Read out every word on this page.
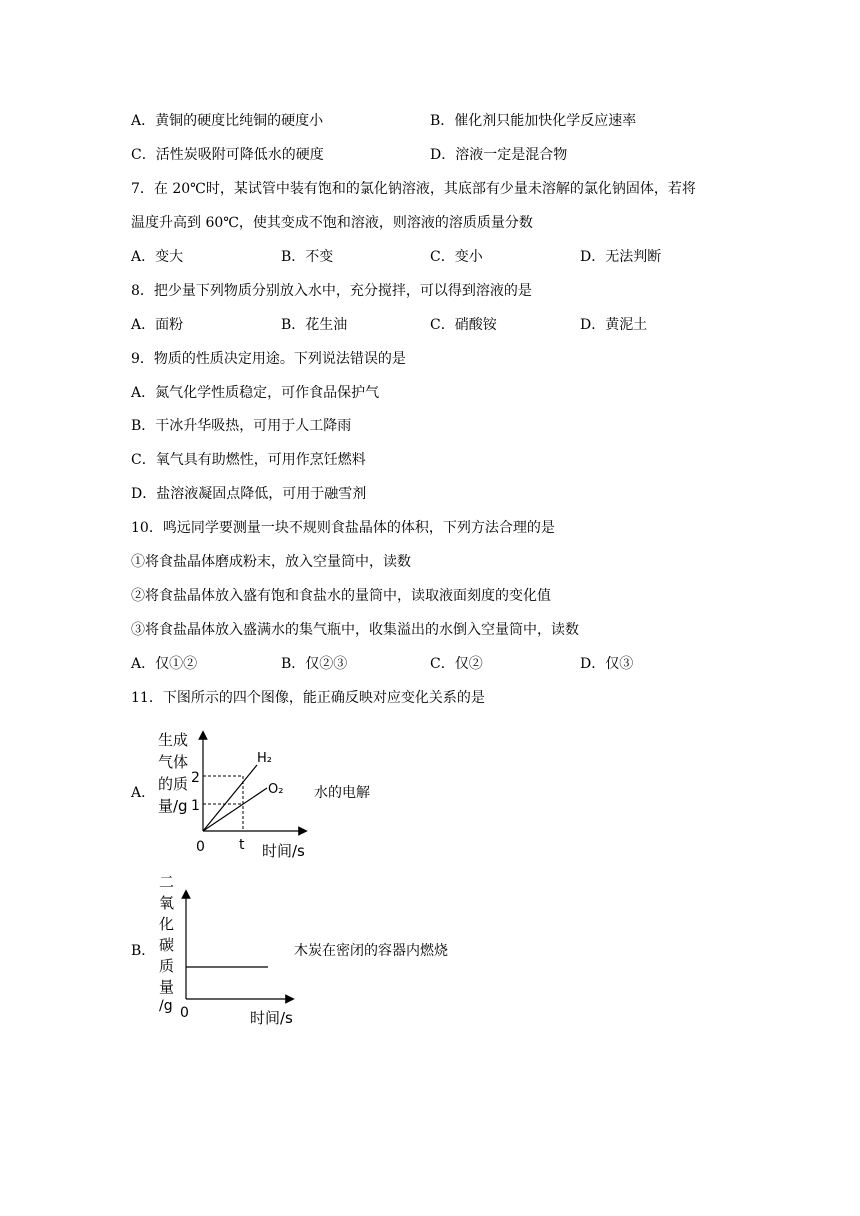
A．黄铜的硬度比纯铜的硬度小	B．催化剂只能加快化学反应速率
C．活性炭吸附可降低水的硬度	D．溶液一定是混合物
7．在 20℃时，某试管中装有饱和的氯化钠溶液，其底部有少量未溶解的氯化钠固体，若将
温度升高到 60℃，使其变成不饱和溶液，则溶液的溶质质量分数
A．变大	B．不变	C．变小	D．无法判断
8．把少量下列物质分别放入水中，充分搅拌，可以得到溶液的是
A．面粉	B．花生油	C．硝酸铵	D．黄泥土
9．物质的性质决定用途。下列说法错误的是
A．氮气化学性质稳定，可作食品保护气
B．干冰升华吸热，可用于人工降雨
C．氧气具有助燃性，可用作烹饪燃料
D．盐溶液凝固点降低，可用于融雪剂
10．鸣远同学要测量一块不规则食盐晶体的体积，下列方法合理的是
①将食盐晶体磨成粉末，放入空量筒中，读数
②将食盐晶体放入盛有饱和食盐水的量筒中，读取液面刻度的变化值
③将食盐晶体放入盛满水的集气瓶中，收集溢出的水倒入空量筒中，读数
A．仅①②	B．仅②③	C．仅②	D．仅③
11．下图所示的四个图像，能正确反映对应变化关系的是
A．
生成
气体
的质
量/g
2
1
0 t 时间/s
H₂
O₂ 水的电解
B．
二
氧
化
碳
质
量
/g 0	时间/s
木炭在密闭的容器内燃烧
